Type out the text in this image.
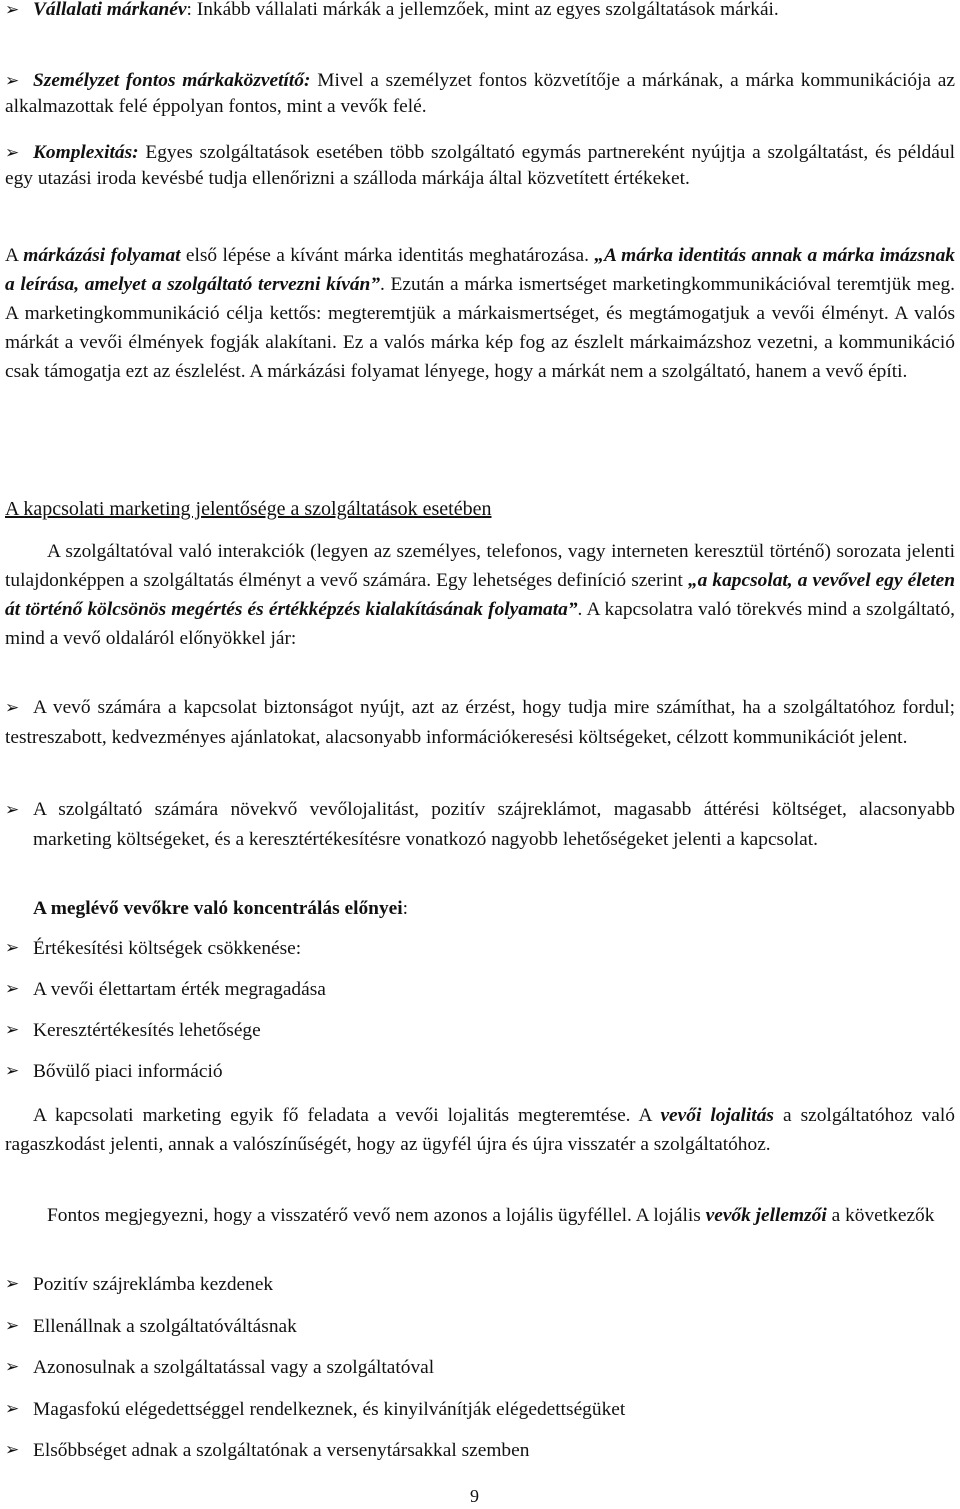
➢ Vállalati márkanév: Inkább vállalati márkák a jellemzőek, mint az egyes szolgáltatások márkái.
➢ Személyzet fontos márkaközvetítő: Mivel a személyzet fontos közvetítője a márkának, a márka kommunikációja az alkalmazottak felé éppolyan fontos, mint a vevők felé.
➢ Komplexitás: Egyes szolgáltatások esetében több szolgáltató egymás partnereként nyújtja a szolgáltatást, és például egy utazási iroda kevésbé tudja ellenőrizni a szálloda márkája által közvetített értékeket.

A márkázási folyamat első lépése a kívánt márka identitás meghatározása. „A márka identitás annak a márka imázsnak a leírása, amelyet a szolgáltató tervezni kíván”. Ezután a márka ismertséget marketingkommunikációval teremtjük meg. A marketingkommunikáció célja kettős: megteremtjük a márkaismertséget, és megtámogatjuk a vevői élményt. A valós márkát a vevői élmények fogják alakítani. Ez a valós márka kép fog az észlelt márkaimázshoz vezetni, a kommunikáció csak támogatja ezt az észlelést. A márkázási folyamat lényege, hogy a márkát nem a szolgáltató, hanem a vevő építi.

A kapcsolati marketing jelentősége a szolgáltatások esetében

A szolgáltatóval való interakciók (legyen az személyes, telefonos, vagy interneten keresztül történő) sorozata jelenti tulajdonképpen a szolgáltatás élményt a vevő számára. Egy lehetséges definíció szerint „a kapcsolat, a vevővel egy életen át történő kölcsönös megértés és értékképzés kialakításának folyamata”. A kapcsolatra való törekvés mind a szolgáltató, mind a vevő oldaláról előnyökkel jár:

➢ A vevő számára a kapcsolat biztonságot nyújt, azt az érzést, hogy tudja mire számíthat, ha a szolgáltatóhoz fordul; testreszabott, kedvezményes ajánlatokat, alacsonyabb információkeresési költségeket, célzott kommunikációt jelent.
➢ A szolgáltató számára növekvő vevőlojalitást, pozitív szájreklámot, magasabb áttérési költséget, alacsonyabb marketing költségeket, és a keresztértékesítésre vonatkozó nagyobb lehetőségeket jelenti a kapcsolat.

A meglévő vevőkre való koncentrálás előnyei:

➢ Értékesítési költségek csökkenése:
➢ A vevői élettartam érték megragadása
➢ Keresztértékesítés lehetősége
➢ Bővülő piaci információ

A kapcsolati marketing egyik fő feladata a vevői lojalitás megteremtése. A vevői lojalitás a szolgáltatóhoz való ragaszkodást jelenti, annak a valószínűségét, hogy az ügyfél újra és újra visszatér a szolgáltatóhoz.

Fontos megjegyezni, hogy a visszatérő vevő nem azonos a lojális ügyféllel. A lojális vevők jellemzői a következők

➢ Pozitív szájreklámba kezdenek
➢ Ellenállnak a szolgáltatóváltásnak
➢ Azonosulnak a szolgáltatással vagy a szolgáltatóval
➢ Magasfokú elégedettséggel rendelkeznek, és kinyilvánítják elégedettségüket
➢ Elsőbbséget adnak a szolgáltatónak a versenytársakkal szemben
9
